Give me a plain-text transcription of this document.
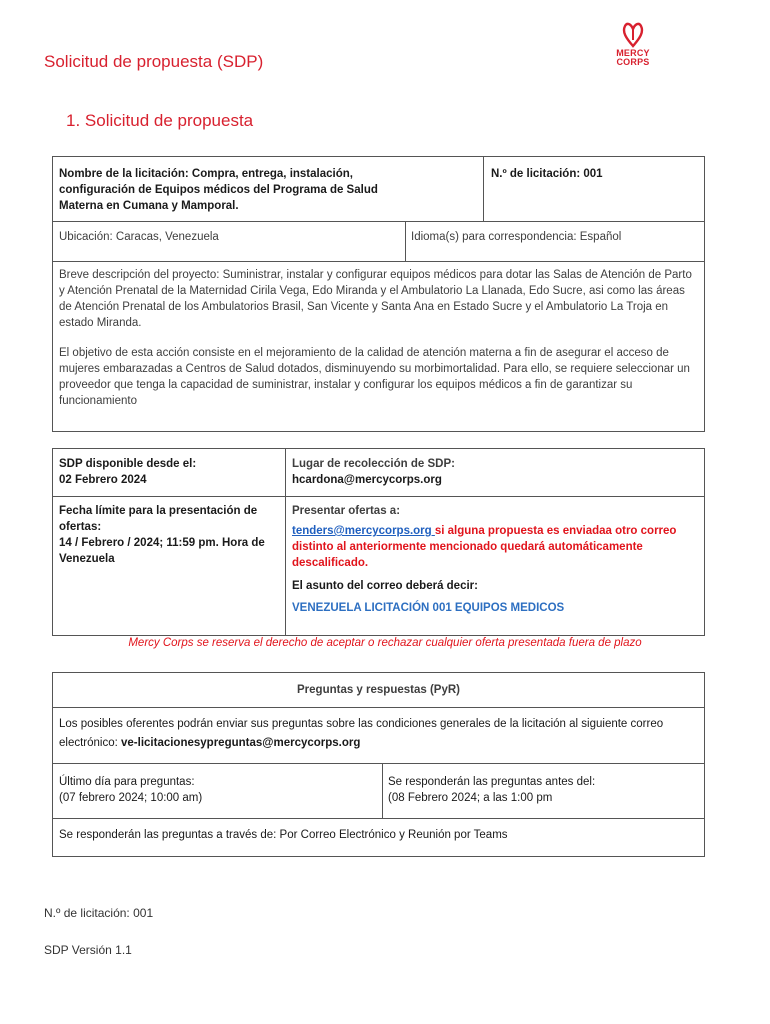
Solicitud de propuesta (SDP)	MERCY
CORPS
1. Solicitud de propuesta
Nombre de la licitación: Compra, entrega, instalación, configuración de Equipos médicos del Programa de Salud Materna en Cumana y Mamporal.
N.º de licitación: 001
Ubicación: Caracas, Venezuela	Idioma(s) para correspondencia: Español

Breve descripción del proyecto: Suministrar, instalar y configurar equipos médicos para dotar las Salas de Atención de Parto y Atención Prenatal de la Maternidad Cirila Vega, Edo Miranda y el Ambulatorio La Llanada, Edo Sucre, asi como las áreas de Atención Prenatal de los Ambulatorios Brasil, San Vicente y Santa Ana en Estado Sucre y el Ambulatorio La Troja en estado Miranda.

El objetivo de esta acción consiste en el mejoramiento de la calidad de atención materna a fin de asegurar el acceso de mujeres embarazadas a Centros de Salud dotados, disminuyendo su morbimortalidad. Para ello, se requiere seleccionar un proveedor que tenga la capacidad de suministrar, instalar y configurar los equipos médicos a fin de garantizar su funcionamiento

SDP disponible desde el:
02 Febrero 2024
Lugar de recolección de SDP:
hcardona@mercycorps.org
Fecha límite para la presentación de ofertas:
14 / Febrero / 2024; 11:59 pm. Hora de Venezuela
Presentar ofertas a:
tenders@mercycorps.org si alguna propuesta es enviadaa otro correo distinto al anteriormente mencionado quedará automáticamente descalificado.
El asunto del correo deberá decir:
VENEZUELA LICITACIÓN 001 EQUIPOS MEDICOS
Mercy Corps se reserva el derecho de aceptar o rechazar cualquier oferta presentada fuera de plazo
Preguntas y respuestas (PyR)
Los posibles oferentes podrán enviar sus preguntas sobre las condiciones generales de la licitación al siguiente correo electrónico: ve-licitacionesypreguntas@mercycorps.org
Último día para preguntas:
(07 febrero 2024; 10:00 am)
Se responderán las preguntas antes del:
(08 Febrero 2024; a las 1:00 pm
Se responderán las preguntas a través de: Por Correo Electrónico y Reunión por Teams
N.º de licitación: 001
SDP Versión 1.1
